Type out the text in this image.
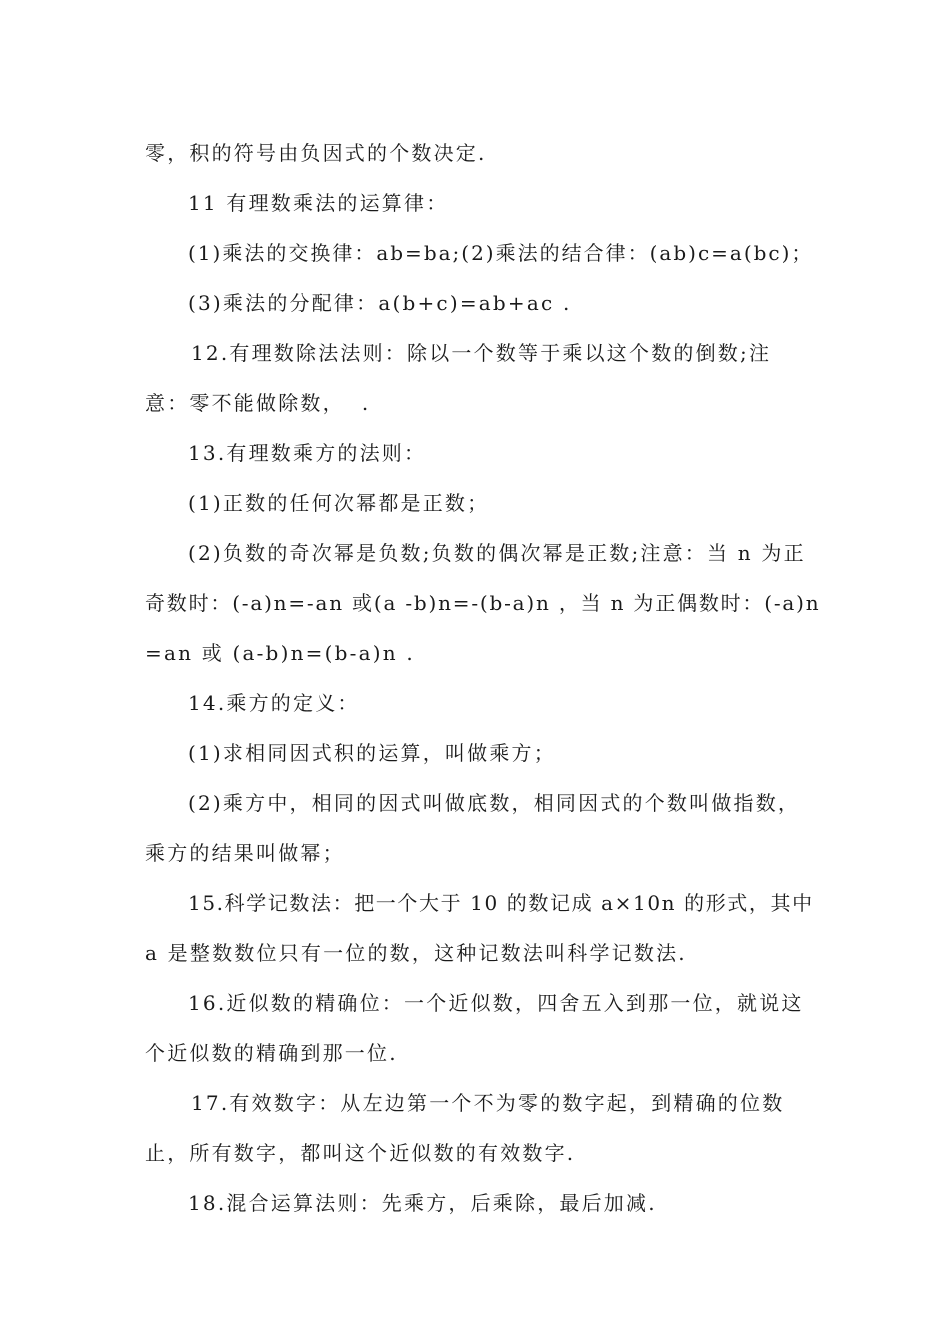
零，积的符号由负因式的个数决定.
11 有理数乘法的运算律：
(1)乘法的交换律：ab=ba;(2)乘法的结合律：(ab)c=a(bc)；
(3)乘法的分配律：a(b+c)=ab+ac .
12.有理数除法法则：除以一个数等于乘以这个数的倒数;注
意：零不能做除数，  .
13.有理数乘方的法则：
(1)正数的任何次幂都是正数；
(2)负数的奇次幂是负数;负数的偶次幂是正数;注意：当 n 为正
奇数时：(-a)n=-an 或(a -b)n=-(b-a)n ，当 n 为正偶数时：(-a)n
=an 或 (a-b)n=(b-a)n .
14.乘方的定义：
(1)求相同因式积的运算，叫做乘方；
(2)乘方中，相同的因式叫做底数，相同因式的个数叫做指数，
乘方的结果叫做幂；
15.科学记数法：把一个大于 10 的数记成 a×10n 的形式，其中
a 是整数数位只有一位的数，这种记数法叫科学记数法.
16.近似数的精确位：一个近似数，四舍五入到那一位，就说这
个近似数的精确到那一位.
17.有效数字：从左边第一个不为零的数字起，到精确的位数
止，所有数字，都叫这个近似数的有效数字.
18.混合运算法则：先乘方，后乘除，最后加减.
